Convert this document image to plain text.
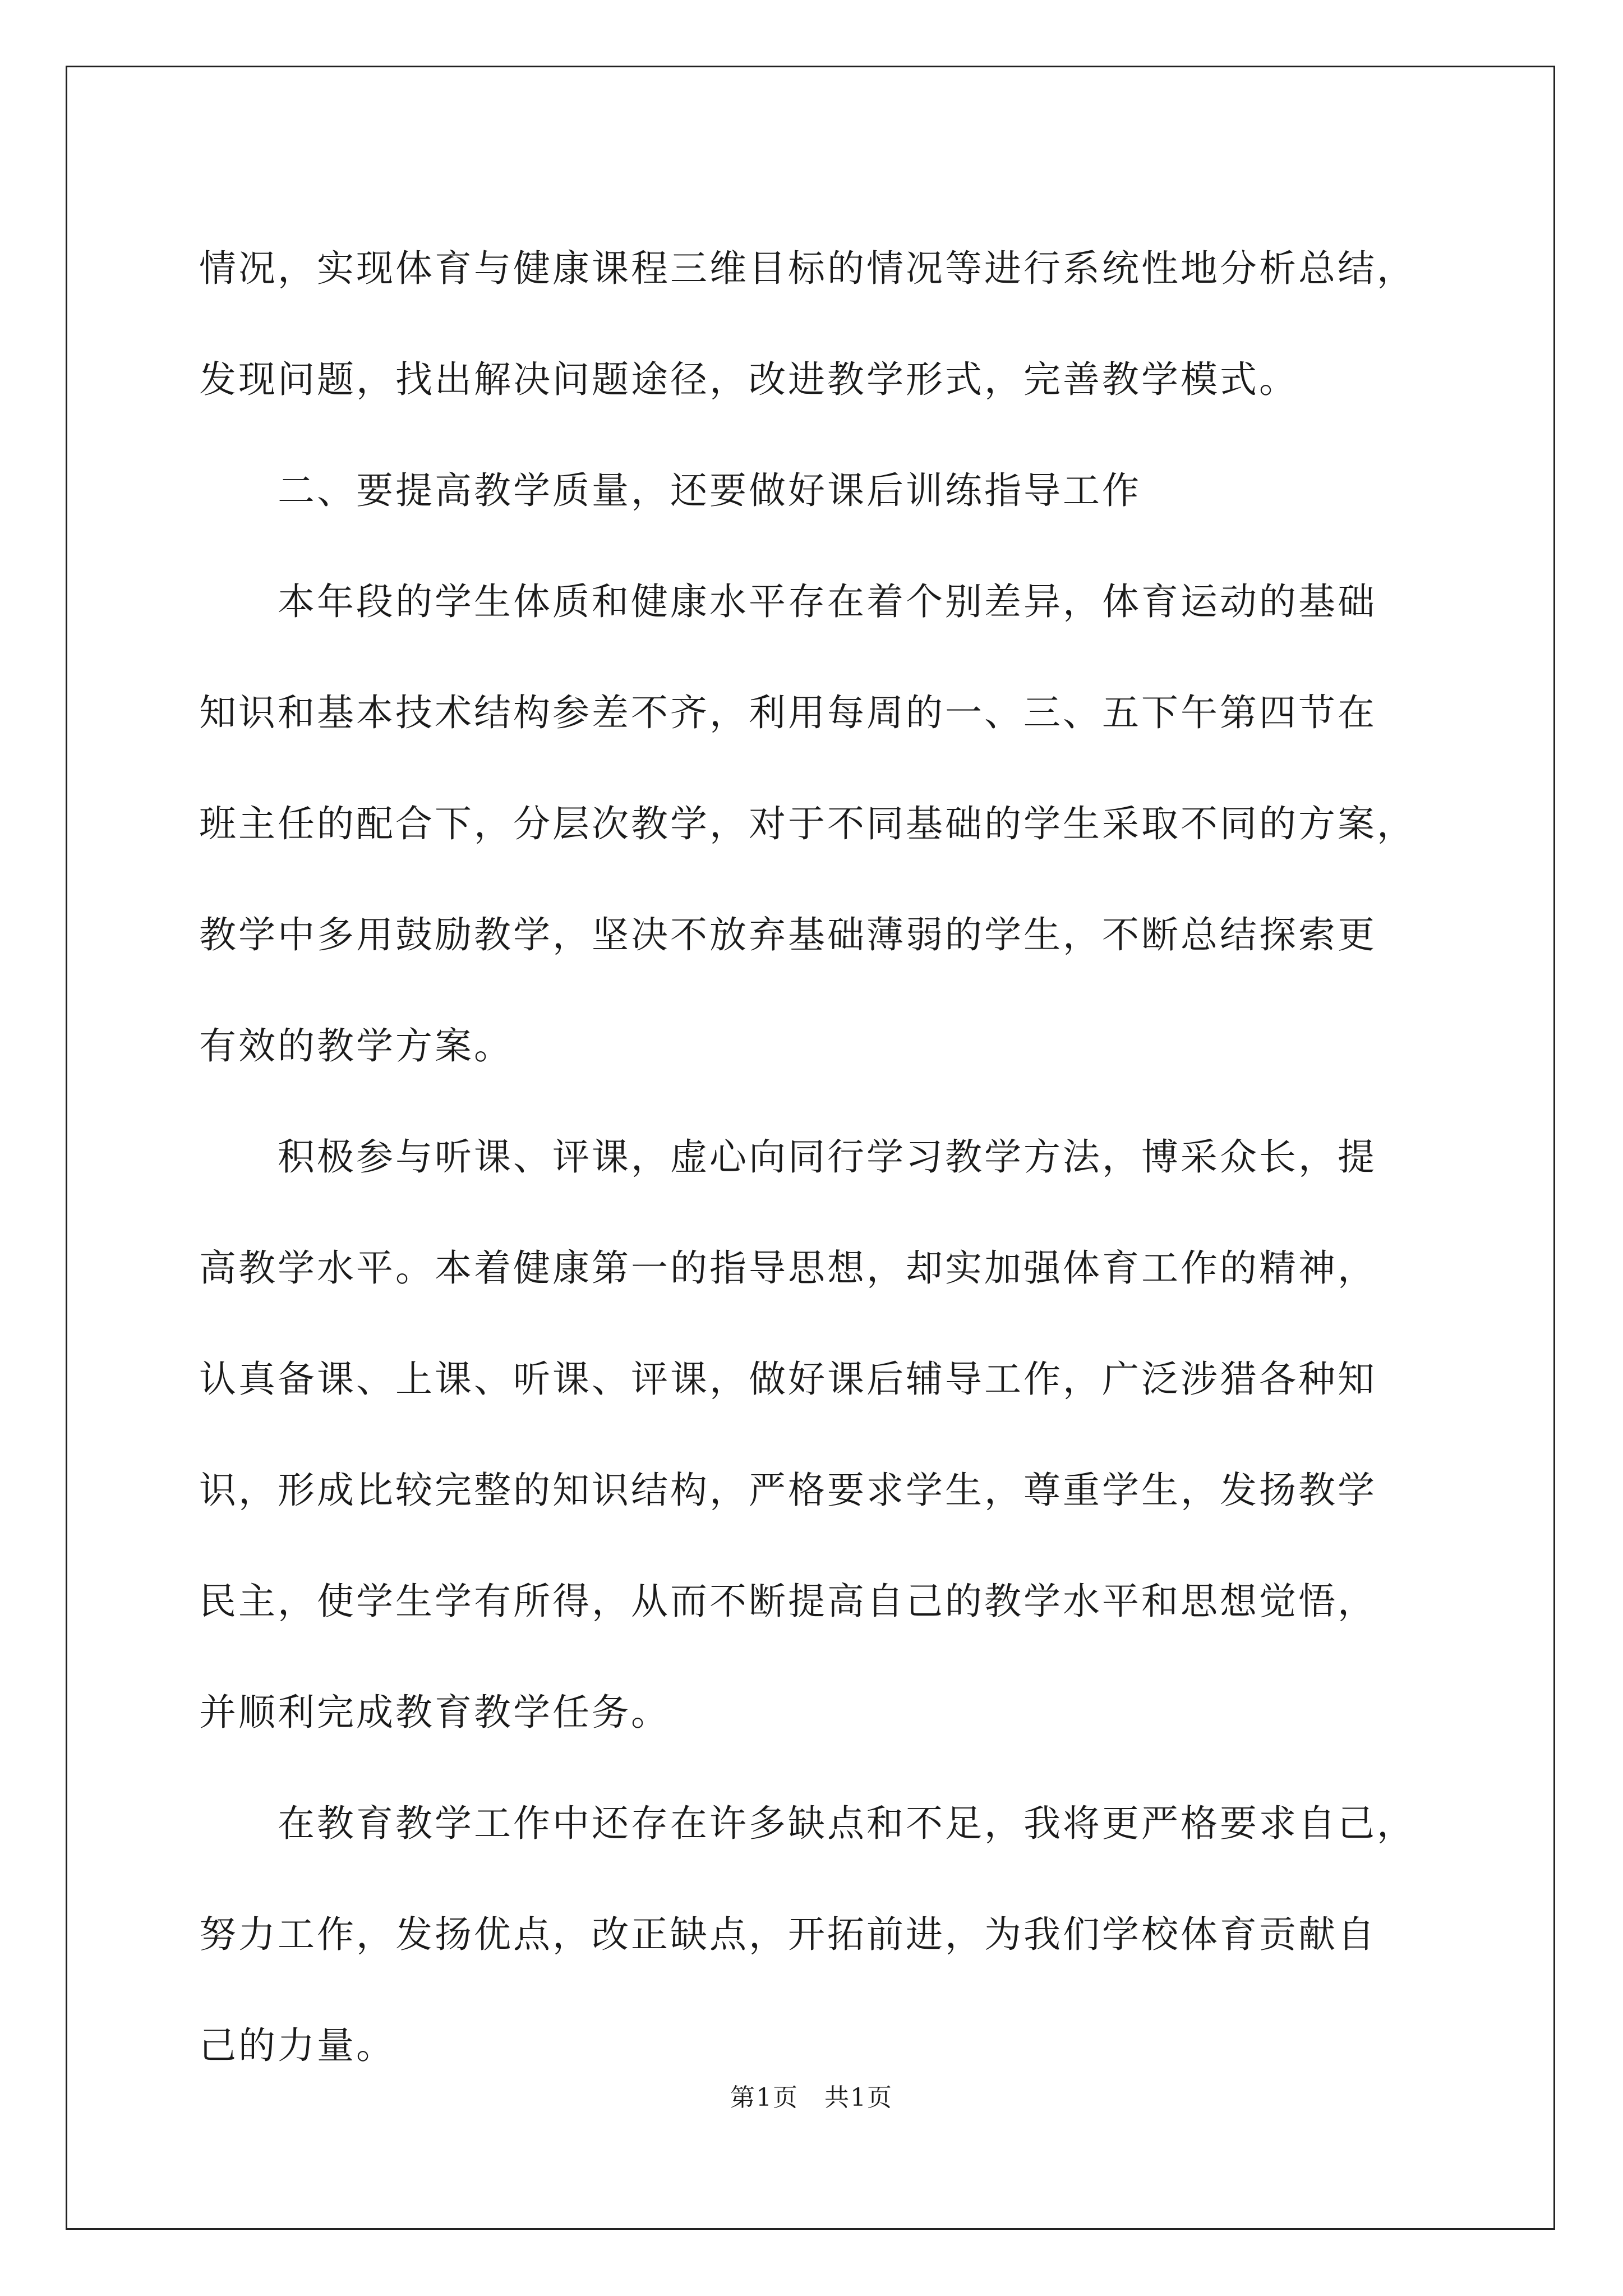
情况，实现体育与健康课程三维目标的情况等进行系统性地分析总结，
发现问题，找出解决问题途径，改进教学形式，完善教学模式。

二、要提高教学质量，还要做好课后训练指导工作

本年段的学生体质和健康水平存在着个别差异，体育运动的基础
知识和基本技术结构参差不齐，利用每周的一、三、五下午第四节在
班主任的配合下，分层次教学，对于不同基础的学生采取不同的方案，
教学中多用鼓励教学，坚决不放弃基础薄弱的学生，不断总结探索更
有效的教学方案。

积极参与听课、评课，虚心向同行学习教学方法，博采众长，提
高教学水平。本着健康第一的指导思想，却实加强体育工作的精神，
认真备课、上课、听课、评课，做好课后辅导工作，广泛涉猎各种知
识，形成比较完整的知识结构，严格要求学生，尊重学生，发扬教学
民主，使学生学有所得，从而不断提高自己的教学水平和思想觉悟，
并顺利完成教育教学任务。

在教育教学工作中还存在许多缺点和不足，我将更严格要求自己，
努力工作，发扬优点，改正缺点，开拓前进，为我们学校体育贡献自
己的力量。

第1页　共1页
